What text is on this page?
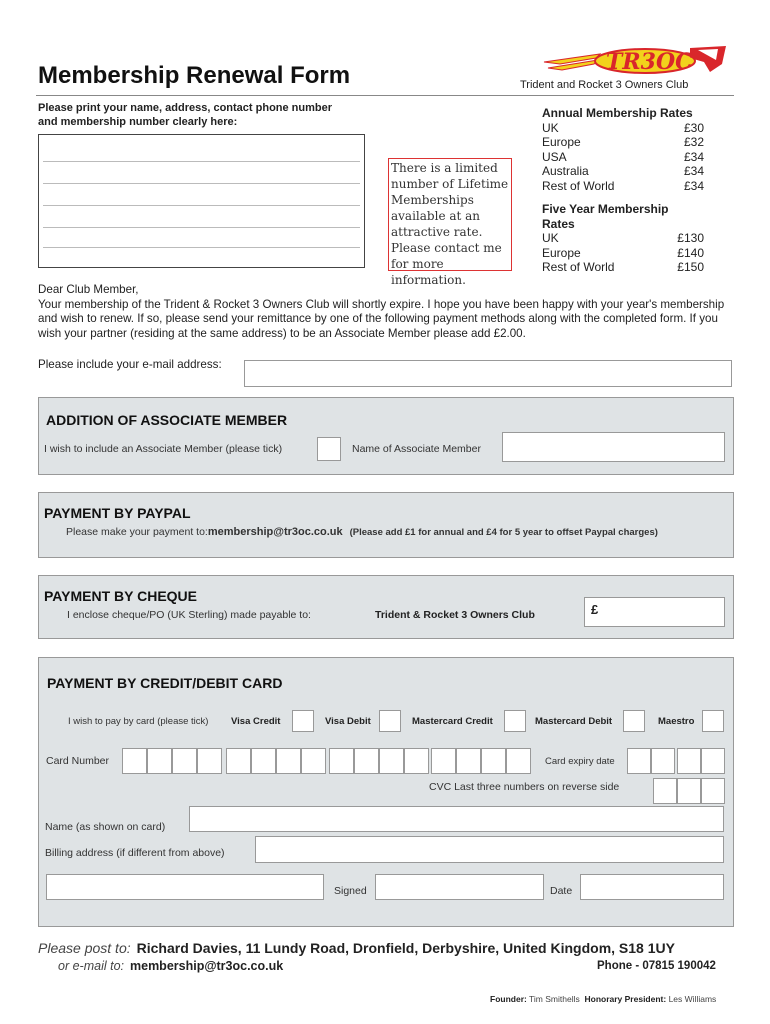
TR3OC
Membership Renewal Form	Trident and Rocket 3 Owners Club
Please print your name, address, contact phone number and membership number clearly here:
There is a limited number of Lifetime Memberships available at an attractive rate. Please contact me for more information.
Annual Membership Rates
UK	£30
Europe	£32
USA	£34
Australia	£34
Rest of World	£34
Five Year Membership Rates
UK	£130
Europe	£140
Rest of World	£150
Dear Club Member,
Your membership of the Trident & Rocket 3 Owners Club will shortly expire. I hope you have been happy with your year's membership and wish to renew. If so, please send your remittance by one of the following payment methods along with the completed form. If you wish your partner (residing at the same address) to be an Associate Member please add £2.00.
Please include your e-mail address:
ADDITION OF ASSOCIATE MEMBER
I wish to include an Associate Member (please tick)	Name of Associate Member
PAYMENT BY PAYPAL
Please make your payment to:membership@tr3oc.co.uk (Please add £1 for annual and £4 for 5 year to offset Paypal charges)
PAYMENT BY CHEQUE
I enclose cheque/PO (UK Sterling) made payable to:	Trident & Rocket 3 Owners Club	£
PAYMENT BY CREDIT/DEBIT CARD
I wish to pay by card (please tick) Visa Credit	Visa Debit	Mastercard Credit	Mastercard Debit	Maestro
Card Number	Card expiry date
CVC Last three numbers on reverse side
Name (as shown on card)
Billing address (if different from above)
Signed	Date
Please post to: Richard Davies, 11 Lundy Road, Dronfield, Derbyshire, United Kingdom, S18 1UY
or e-mail to: membership@tr3oc.co.uk	Phone - 07815 190042
Founder: Tim Smithells Honorary President: Les Williams
